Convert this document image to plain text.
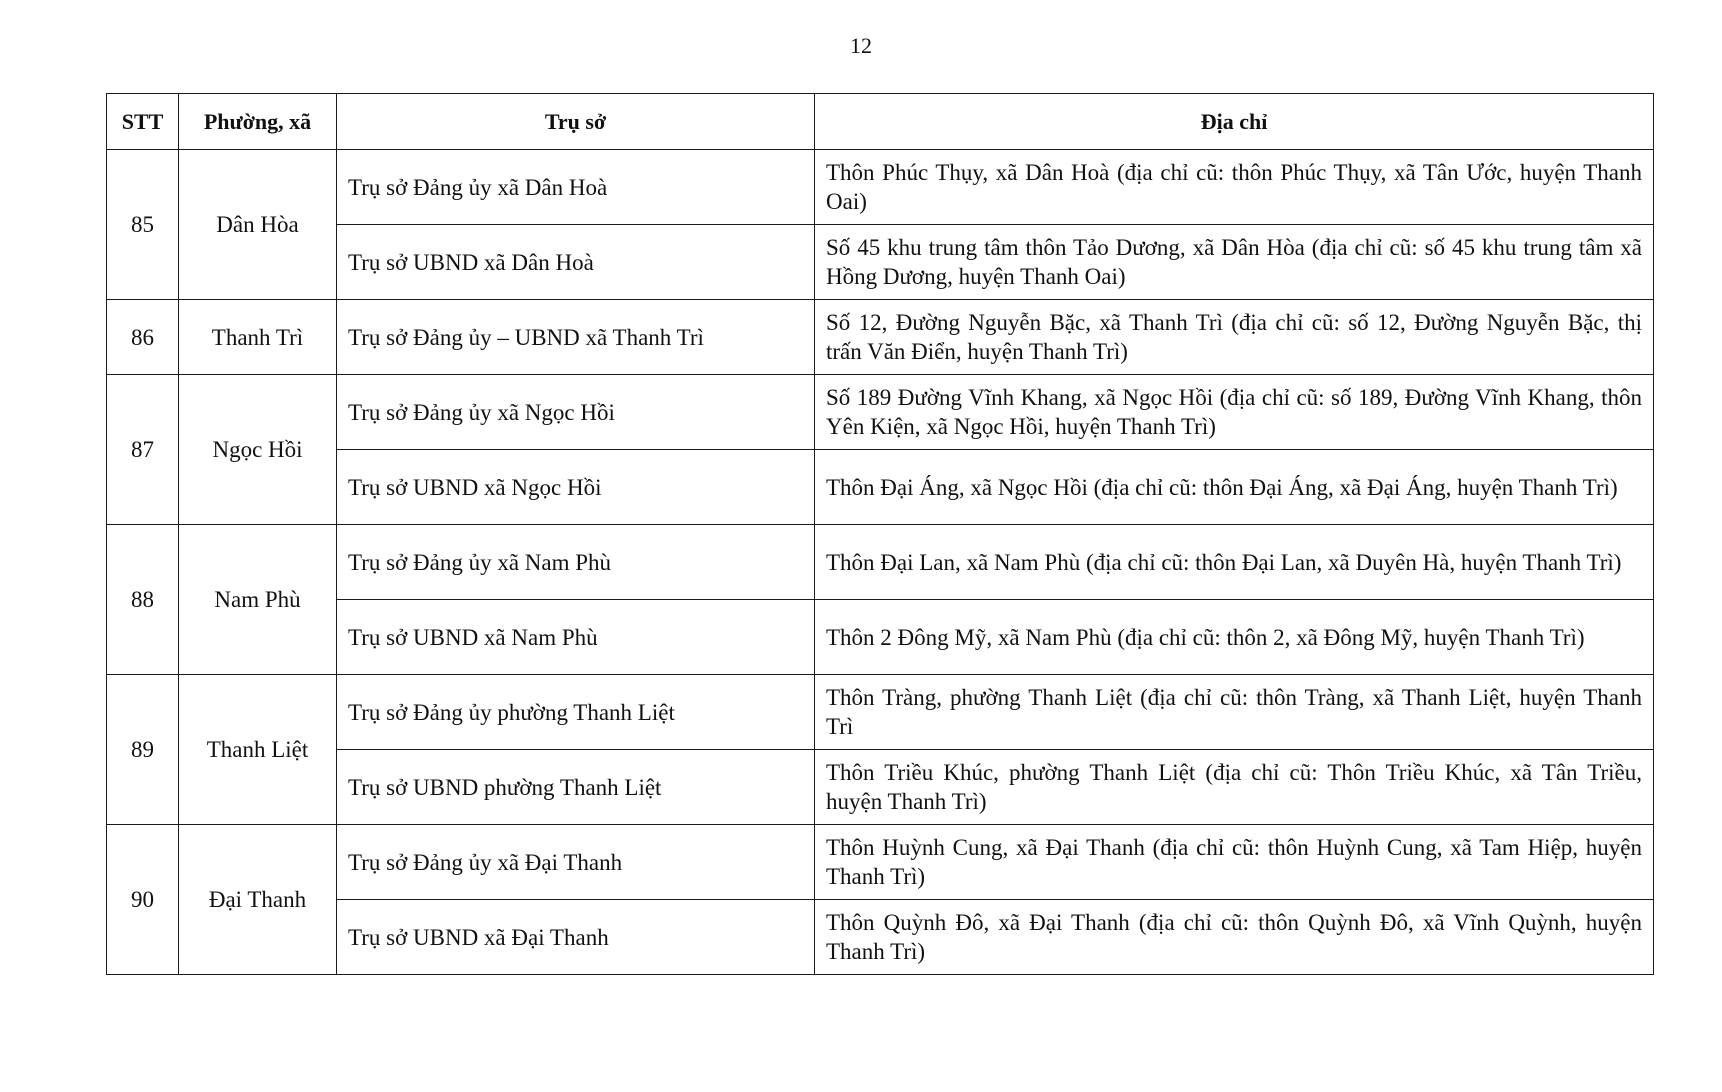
12
STT	Phường, xã	Trụ sở	Địa chỉ
85	Dân Hòa	Trụ sở Đảng ủy xã Dân Hoà	Thôn Phúc Thụy, xã Dân Hoà (địa chỉ cũ: thôn Phúc Thụy, xã Tân Ước, huyện Thanh Oai)
		Trụ sở UBND xã Dân Hoà	Số 45 khu trung tâm thôn Tảo Dương, xã Dân Hòa (địa chỉ cũ: số 45 khu trung tâm xã Hồng Dương, huyện Thanh Oai)
86	Thanh Trì	Trụ sở Đảng ủy – UBND xã Thanh Trì	Số 12, Đường Nguyễn Bặc, xã Thanh Trì (địa chỉ cũ: số 12, Đường Nguyễn Bặc, thị trấn Văn Điển, huyện Thanh Trì)
87	Ngọc Hồi	Trụ sở Đảng ủy xã Ngọc Hồi	Số 189 Đường Vĩnh Khang, xã Ngọc Hồi (địa chỉ cũ: số 189, Đường Vĩnh Khang, thôn Yên Kiện, xã Ngọc Hồi, huyện Thanh Trì)
		Trụ sở UBND xã Ngọc Hồi	Thôn Đại Áng, xã Ngọc Hồi (địa chỉ cũ: thôn Đại Áng, xã Đại Áng, huyện Thanh Trì)
88	Nam Phù	Trụ sở Đảng ủy xã Nam Phù	Thôn Đại Lan, xã Nam Phù (địa chỉ cũ: thôn Đại Lan, xã Duyên Hà, huyện Thanh Trì)
		Trụ sở UBND xã Nam Phù	Thôn 2 Đông Mỹ, xã Nam Phù (địa chỉ cũ: thôn 2, xã Đông Mỹ, huyện Thanh Trì)
89	Thanh Liệt	Trụ sở Đảng ủy phường Thanh Liệt	Thôn Tràng, phường Thanh Liệt (địa chỉ cũ: thôn Tràng, xã Thanh Liệt, huyện Thanh Trì
		Trụ sở UBND phường Thanh Liệt	Thôn Triều Khúc, phường Thanh Liệt (địa chỉ cũ: Thôn Triều Khúc, xã Tân Triều, huyện Thanh Trì)
90	Đại Thanh	Trụ sở Đảng ủy xã Đại Thanh	Thôn Huỳnh Cung, xã Đại Thanh (địa chỉ cũ: thôn Huỳnh Cung, xã Tam Hiệp, huyện Thanh Trì)
		Trụ sở UBND xã Đại Thanh	Thôn Quỳnh Đô, xã Đại Thanh (địa chỉ cũ: thôn Quỳnh Đô, xã Vĩnh Quỳnh, huyện Thanh Trì)
